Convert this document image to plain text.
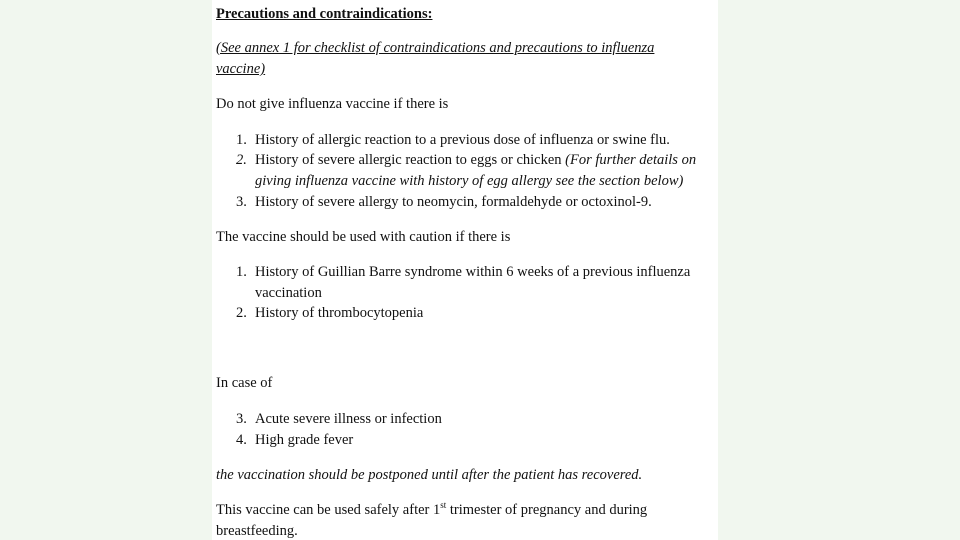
Precautions and contraindications:
(See annex 1 for checklist of contraindications and precautions to influenza
vaccine)
Do not give influenza vaccine if there is
1. History of allergic reaction to a previous dose of influenza or swine flu.
2. History of severe allergic reaction to eggs or chicken (For further details on
giving influenza vaccine with history of egg allergy see the section below)
3. History of severe allergy to neomycin, formaldehyde or octoxinol-9.
The vaccine should be used with caution if there is
1. History of Guillian Barre syndrome within 6 weeks of a previous influenza
vaccination
2. History of thrombocytopenia
In case of
3. Acute severe illness or infection
4. High grade fever
the vaccination should be postponed until after the patient has recovered.
This vaccine can be used safely after 1st trimester of pregnancy and during
breastfeeding.
